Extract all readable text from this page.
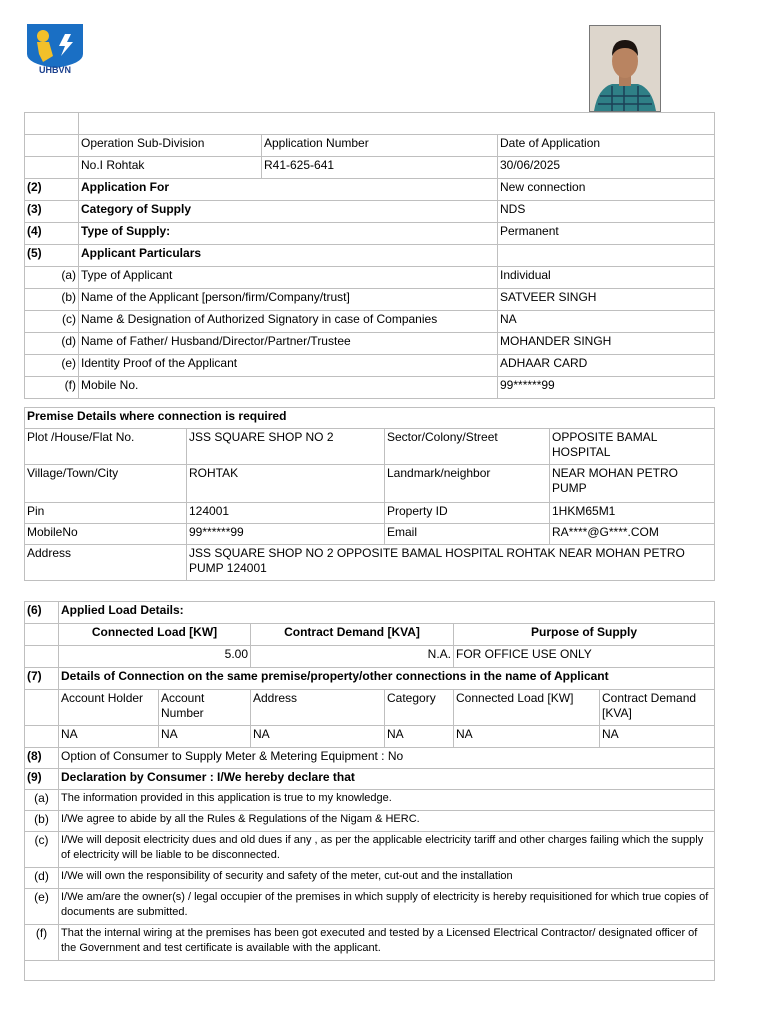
UHBVN

	Operation Sub-Division	Application Number	Date of Application
	No.I Rohtak	R41-625-641	30/06/2025
(2)	Application For		New connection
(3)	Category of Supply		NDS
(4)	Type of Supply:		Permanent
(5)	Applicant Particulars		
(a)	Type of Applicant		Individual
(b)	Name of the Applicant [person/firm/Company/trust]		SATVEER SINGH
(c)	Name & Designation of Authorized Signatory in case of Companies		NA
(d)	Name of Father/ Husband/Director/Partner/Trustee		MOHANDER SINGH
(e)	Identity Proof of the Applicant		ADHAAR CARD
(f)	Mobile No.		99******99
Premise Details where connection is required			
Plot /House/Flat No.	JSS SQUARE SHOP NO 2	Sector/Colony/Street	OPPOSITE BAMAL HOSPITAL
Village/Town/City	ROHTAK	Landmark/neighbor	NEAR MOHAN PETRO PUMP
Pin	124001	Property ID	1HKM65M1
MobileNo	99******99	Email	RA****@G****.COM
Address	JSS SQUARE SHOP NO 2 OPPOSITE BAMAL HOSPITAL ROHTAK NEAR MOHAN PETRO PUMP 124001		
(6)	Applied Load Details:					
	Connected Load [KW]		Contract Demand [KVA]		Purpose of Supply	
	5.00		N.A.		FOR OFFICE USE ONLY	
(7)	Details of Connection on the same premise/property/other connections in the name of Applicant					
	Account Holder	Account Number	Address	Category	Connected Load [KW]	Contract Demand [KVA]
	NA	NA	NA	NA	NA	NA
(8)	Option of Consumer to Supply Meter & Metering Equipment : No					
(9)	Declaration by Consumer : I/We hereby declare that					
(a)	The information provided in this application is true to my knowledge.					
(b)	I/We agree to abide by all the Rules & Regulations of the Nigam & HERC.					
(c)	I/We will deposit electricity dues and old dues if any , as per the applicable electricity tariff and other charges failing which the supply of electricity will be liable to be disconnected.					
(d)	I/We will own the responsibility of security and safety of the meter, cut-out and the installation					
(e)	I/We am/are the owner(s) / legal occupier of the premises in which supply of electricity is hereby requisitioned for which true copies of documents are submitted.					
(f)	That the internal wiring at the premises has been got executed and tested by a Licensed Electrical Contractor/ designated officer of the Government and test certificate is available with the applicant.					
